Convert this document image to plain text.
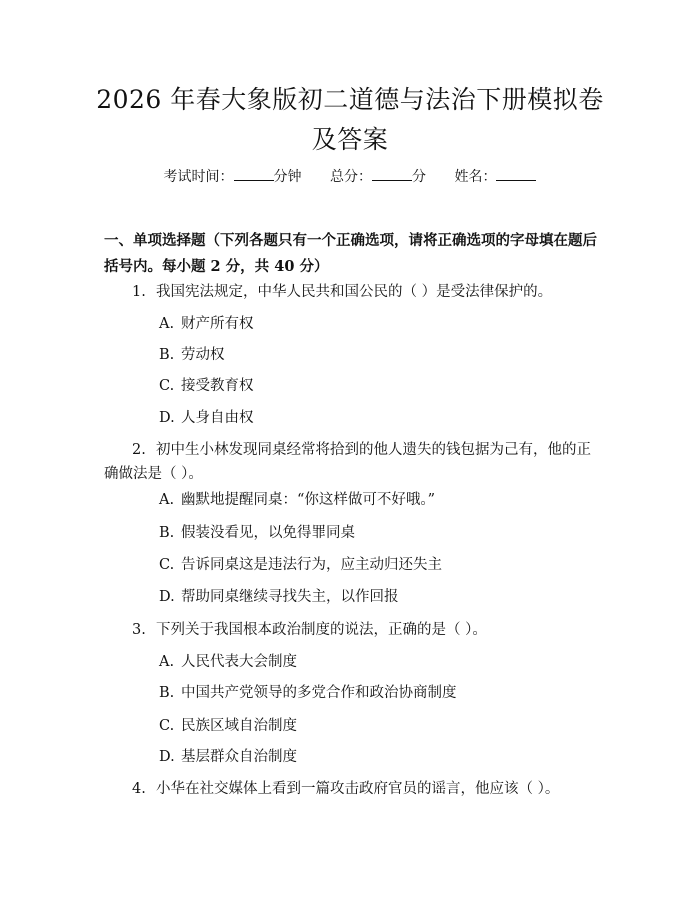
2026 年春大象版初二道德与法治下册模拟卷
及答案
考试时间：	分钟 总分：	分 姓名：
一、单项选择题（下列各题只有一个正确选项，请将正确选项的字母填在题后括号内。每小题 2 分，共 40 分）
1. 我国宪法规定，中华人民共和国公民的（ ）是受法律保护的。
A. 财产所有权
B. 劳动权
C. 接受教育权
D. 人身自由权
2. 初中生小林发现同桌经常将拾到的他人遗失的钱包据为己有，他的正确做法是（ ）。
A. 幽默地提醒同桌：“你这样做可不好哦。”
B. 假装没看见，以免得罪同桌
C. 告诉同桌这是违法行为，应主动归还失主
D. 帮助同桌继续寻找失主，以作回报
3. 下列关于我国根本政治制度的说法，正确的是（ ）。
A. 人民代表大会制度
B. 中国共产党领导的多党合作和政治协商制度
C. 民族区域自治制度
D. 基层群众自治制度
4. 小华在社交媒体上看到一篇攻击政府官员的谣言，他应该（ ）。
